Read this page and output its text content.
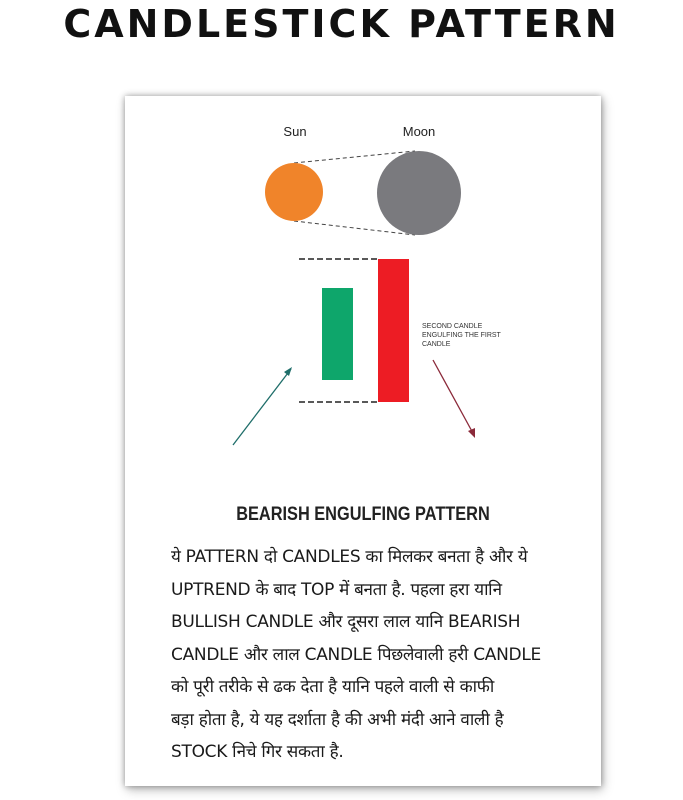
CANDLESTICK PATTERN
Sun	Moon
SECOND CANDLE ENGULFING THE FIRST CANDLE
BEARISH ENGULFING PATTERN
ये PATTERN दो CANDLES का मिलकर बनता है और ये
UPTREND के बाद TOP में बनता है. पहला हरा यानि
BULLISH CANDLE और दूसरा लाल यानि BEARISH
CANDLE और लाल CANDLE पिछलेवाली हरी CANDLE
को पूरी तरीके से ढक देता है यानि पहले वाली से काफी
बड़ा होता है, ये यह दर्शाता है की अभी मंदी आने वाली है
STOCK निचे गिर सकता है.
